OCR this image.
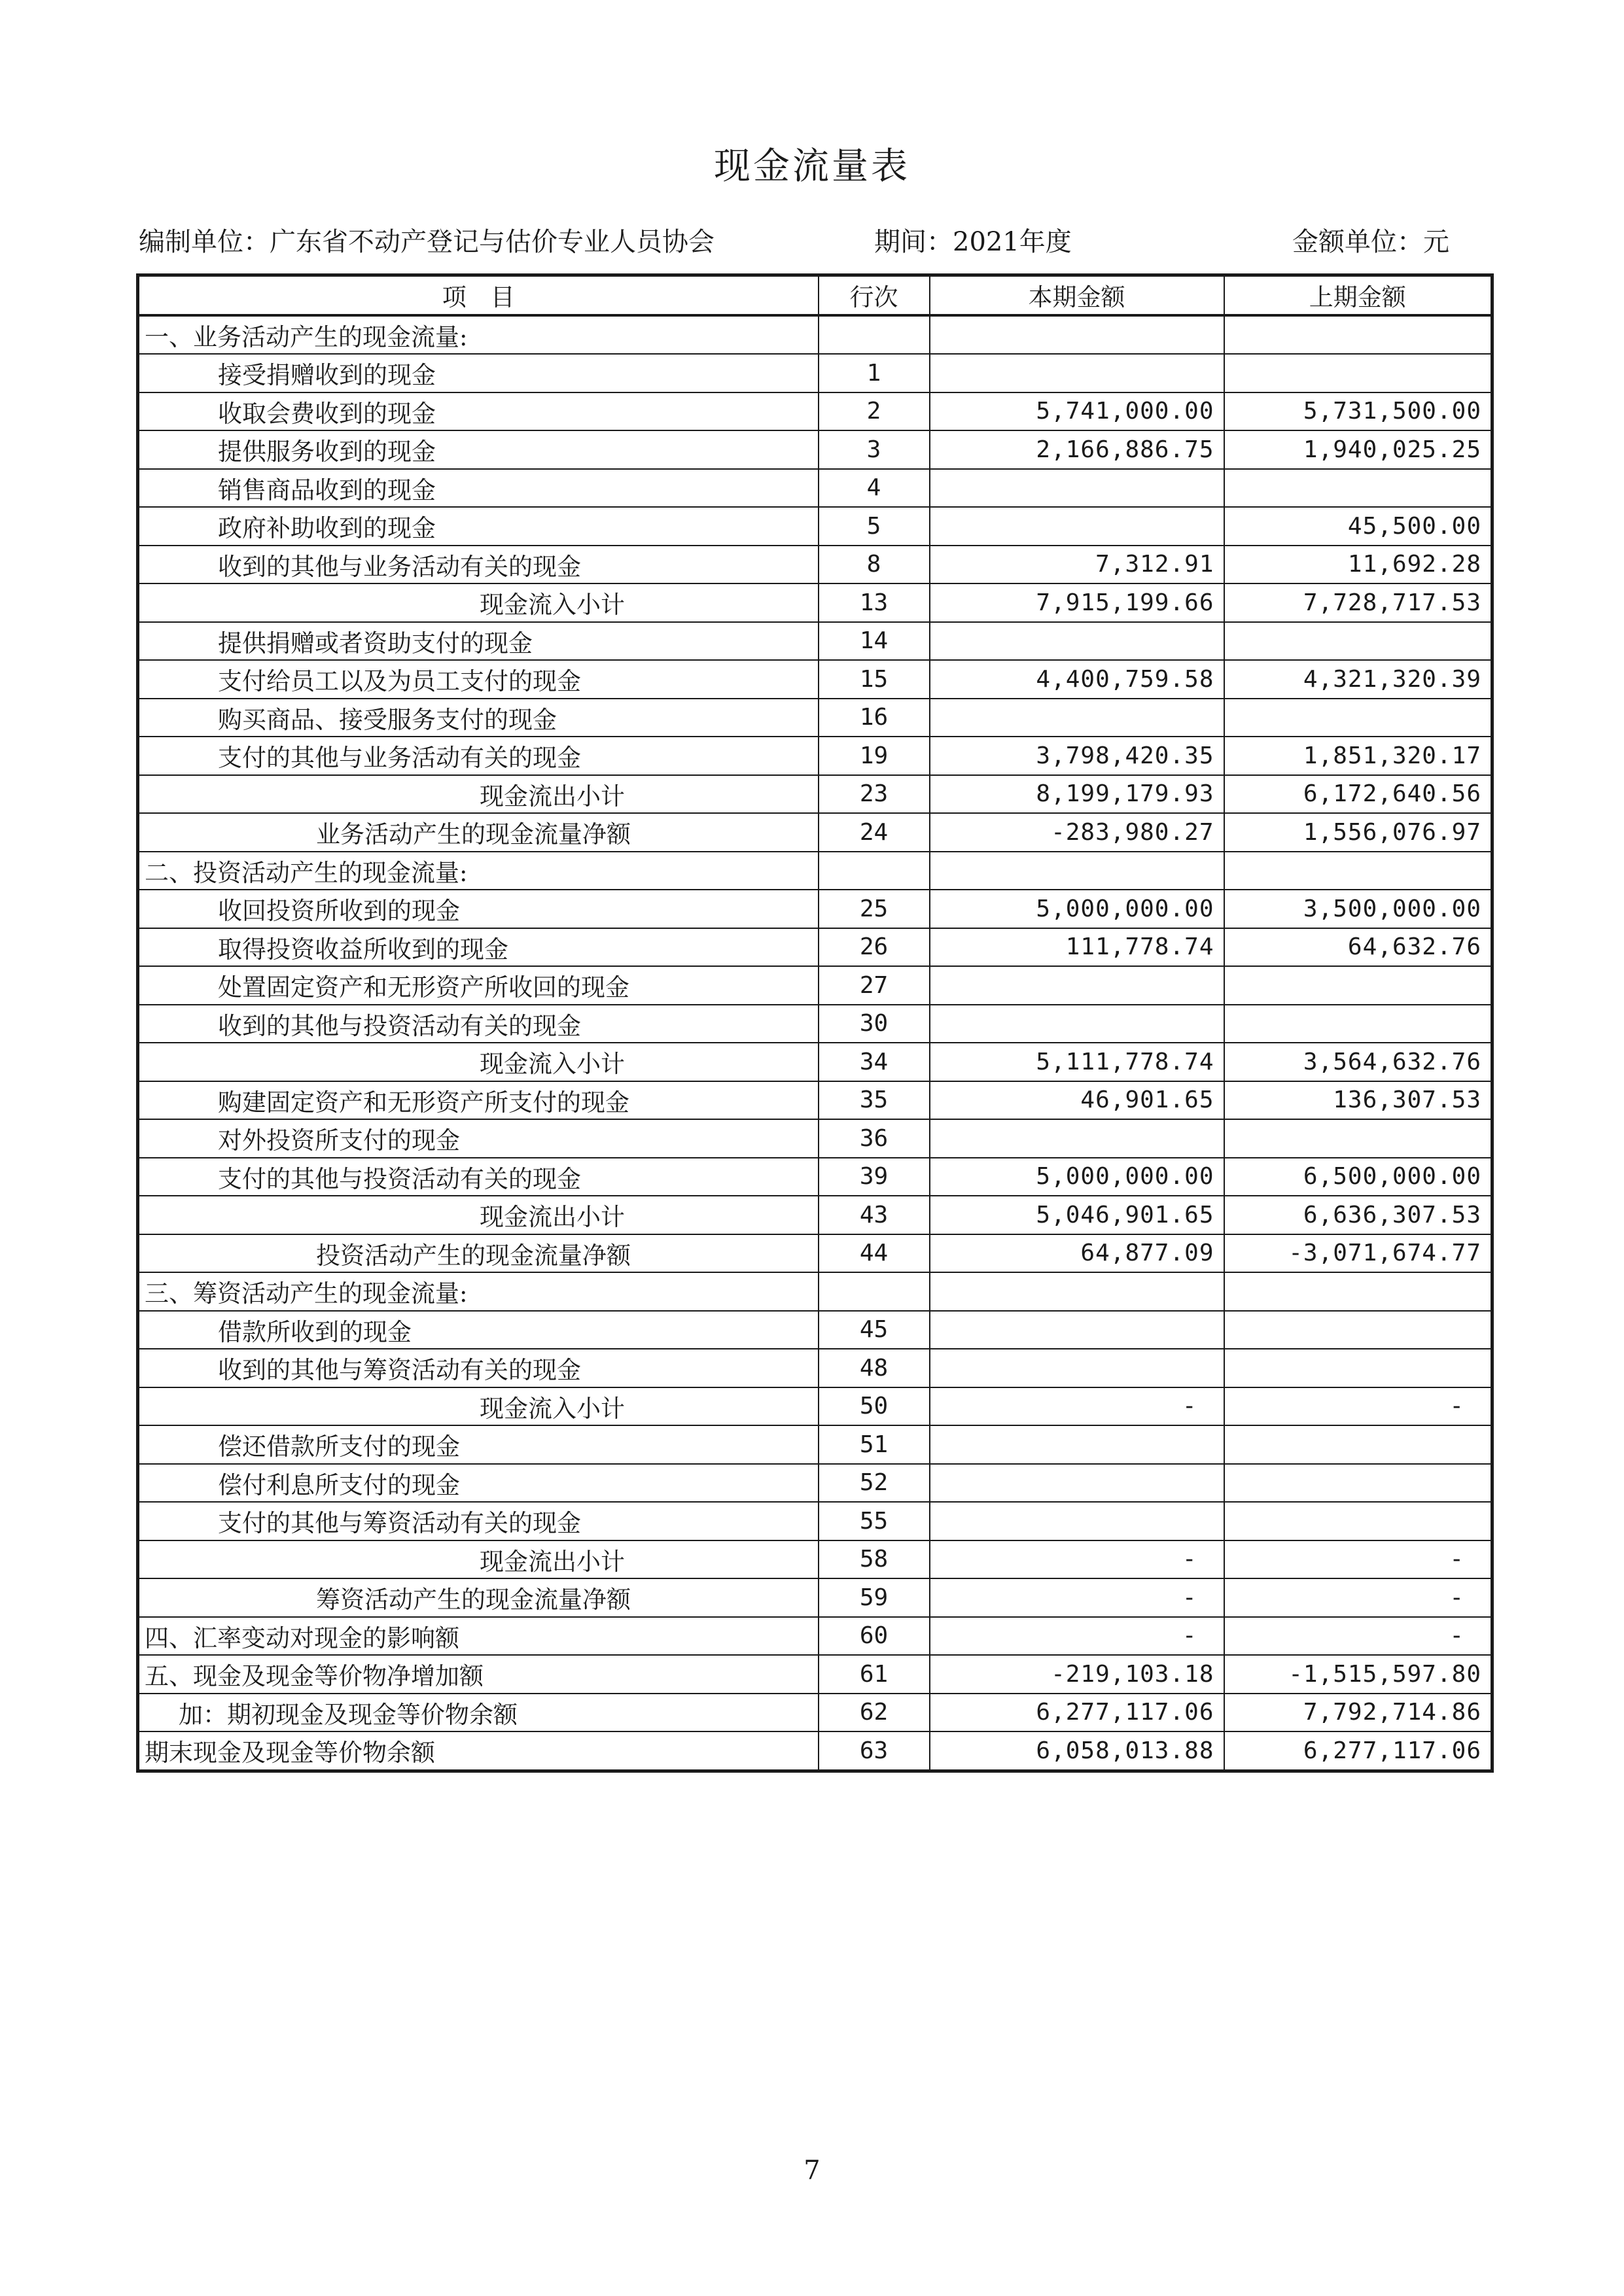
现金流量表
编制单位：广东省不动产登记与估价专业人员协会	期间：2021年度	金额单位：元
项　目	行次	本期金额	上期金额
一、业务活动产生的现金流量:			
接受捐赠收到的现金	1		
收取会费收到的现金	2	5,741,000.00	5,731,500.00
提供服务收到的现金	3	2,166,886.75	1,940,025.25
销售商品收到的现金	4		
政府补助收到的现金	5		45,500.00
收到的其他与业务活动有关的现金	8	7,312.91	11,692.28
现金流入小计	13	7,915,199.66	7,728,717.53
提供捐赠或者资助支付的现金	14		
支付给员工以及为员工支付的现金	15	4,400,759.58	4,321,320.39
购买商品、接受服务支付的现金	16		
支付的其他与业务活动有关的现金	19	3,798,420.35	1,851,320.17
现金流出小计	23	8,199,179.93	6,172,640.56
业务活动产生的现金流量净额	24	-283,980.27	1,556,076.97
二、投资活动产生的现金流量:			
收回投资所收到的现金	25	5,000,000.00	3,500,000.00
取得投资收益所收到的现金	26	111,778.74	64,632.76
处置固定资产和无形资产所收回的现金	27		
收到的其他与投资活动有关的现金	30		
现金流入小计	34	5,111,778.74	3,564,632.76
购建固定资产和无形资产所支付的现金	35	46,901.65	136,307.53
对外投资所支付的现金	36		
支付的其他与投资活动有关的现金	39	5,000,000.00	6,500,000.00
现金流出小计	43	5,046,901.65	6,636,307.53
投资活动产生的现金流量净额	44	64,877.09	-3,071,674.77
三、筹资活动产生的现金流量:			
借款所收到的现金	45		
收到的其他与筹资活动有关的现金	48		
现金流入小计	50	-	-
偿还借款所支付的现金	51		
偿付利息所支付的现金	52		
支付的其他与筹资活动有关的现金	55		
现金流出小计	58	-	-
筹资活动产生的现金流量净额	59	-	-
四、汇率变动对现金的影响额	60	-	-
五、现金及现金等价物净增加额	61	-219,103.18	-1,515,597.80
加：期初现金及现金等价物余额	62	6,277,117.06	7,792,714.86
期末现金及现金等价物余额	63	6,058,013.88	6,277,117.06
7
